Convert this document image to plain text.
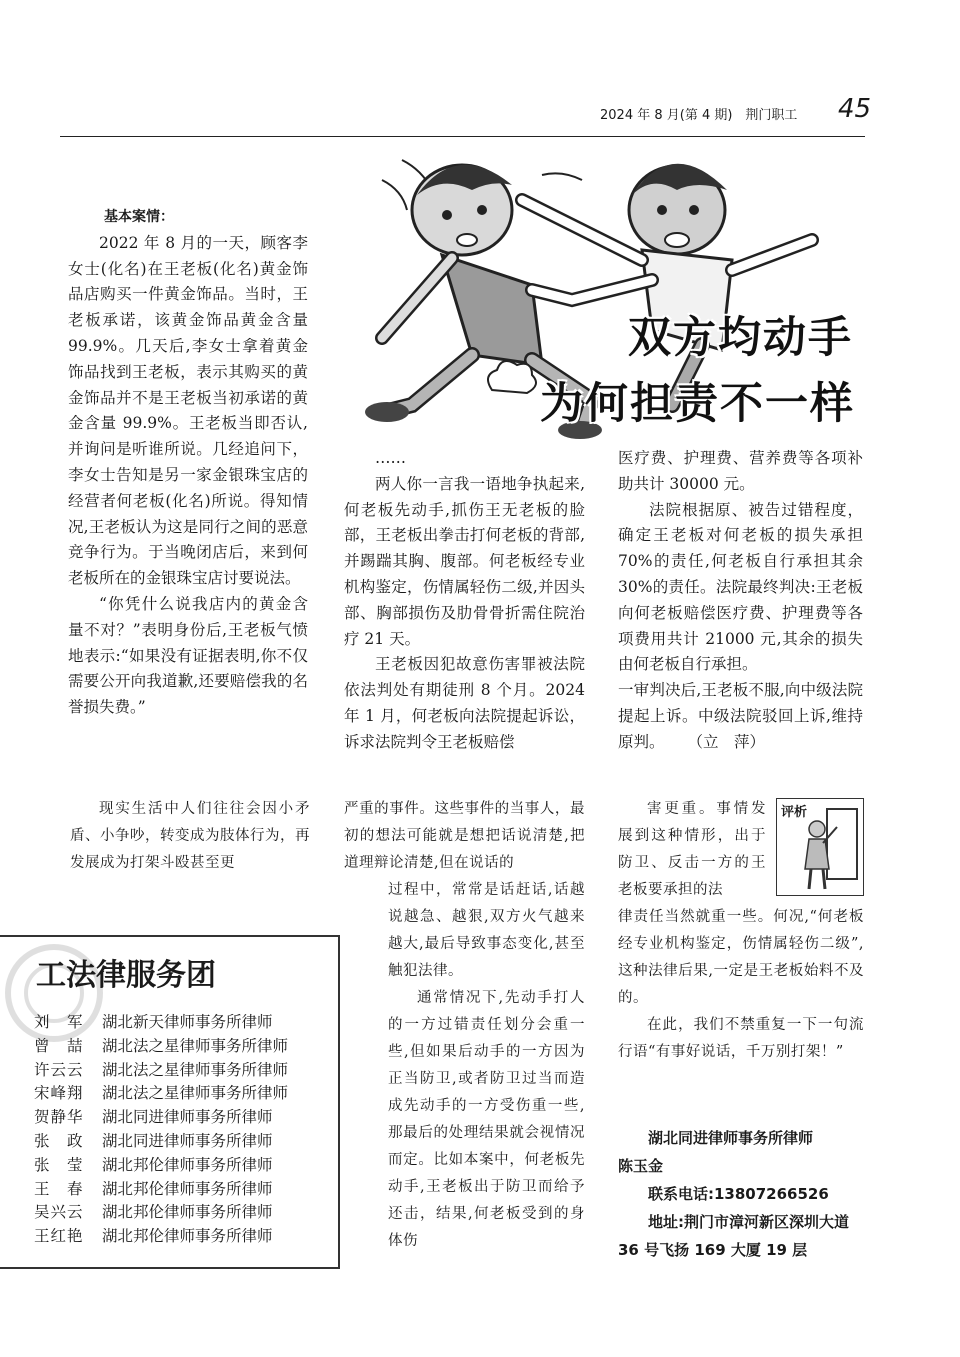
2024 年 8 月(第 4 期)　荆门职工 45
双方均动手
为何担责不一样

基本案情：

2022 年 8 月的一天，顾客李女士(化名)在王老板(化名)黄金饰品店购买一件黄金饰品。当时，王老板承诺，该黄金饰品黄金含量 99.9%。几天后,李女士拿着黄金饰品找到王老板，表示其购买的黄金饰品并不是王老板当初承诺的黄金含量 99.9%。王老板当即否认,并询问是听谁所说。几经追问下，李女士告知是另一家金银珠宝店的经营者何老板(化名)所说。得知情况,王老板认为这是同行之间的恶意竞争行为。于当晚闭店后，来到何老板所在的金银珠宝店讨要说法。

“你凭什么说我店内的黄金含量不对？”表明身份后,王老板气愤地表示:“如果没有证据表明,你不仅需要公开向我道歉,还要赔偿我的名誉损失费。”

……

两人你一言我一语地争执起来,何老板先动手,抓伤王无老板的脸部，王老板出拳击打何老板的背部,并踢踹其胸、腹部。何老板经专业机构鉴定，伤情属轻伤二级,并因头部、胸部损伤及肋骨骨折需住院治疗 21 天。

王老板因犯故意伤害罪被法院依法判处有期徒刑 8 个月。2024 年 1 月，何老板向法院提起诉讼，诉求法院判令王老板赔偿

医疗费、护理费、营养费等各项补助共计 30000 元。

法院根据原、被告过错程度，确定王老板对何老板的损失承担70%的责任,何老板自行承担其余30%的责任。法院最终判决:王老板向何老板赔偿医疗费、护理费等各项费用共计 21000 元,其余的损失由何老板自行承担。

一审判决后,王老板不服,向中级法院提起上诉。中级法院驳回上诉,维持原判。 （立　萍）

现实生活中人们往往会因小矛盾、小争吵，转变成为肢体行为，再发展成为打架斗殴甚至更

严重的事件。这些事件的当事人，最初的想法可能就是想把话说清楚,把道理辩论清楚,但在说话的

过程中，常常是话赶话,话越说越急、越狠,双方火气越来越大,最后导致事态变化,甚至触犯法律。

通常情况下,先动手打人的一方过错责任划分会重一些,但如果后动手的一方因为正当防卫,或者防卫过当而造成先动手的一方受伤重一些,那最后的处理结果就会视情况而定。比如本案中，何老板先动手,王老板出于防卫而给予还击，结果,何老板受到的身体伤

评析

害更重。事情发展到这种情形，出于防卫、反击一方的王老板要承担的法

律责任当然就重一些。何况,“何老板经专业机构鉴定，伤情属轻伤二级”,这种法律后果,一定是王老板始料不及的。

在此，我们不禁重复一下一句流行语“有事好说话，千万别打架！”

湖北同进律师事务所律师

陈玉金

联系电话:13807266526

地址:荆门市漳河新区深圳大道 36 号飞扬 169 大厦 19 层

工法律服务团
刘　军	湖北新天律师事务所律师
曾　喆	湖北法之星律师事务所律师
许云云	湖北法之星律师事务所律师
宋峰翔	湖北法之星律师事务所律师
贺静华	湖北同进律师事务所律师
张　政	湖北同进律师事务所律师
张　莹	湖北邦伦律师事务所律师
王　春	湖北邦伦律师事务所律师
吴兴云	湖北邦伦律师事务所律师
王红艳	湖北邦伦律师事务所律师
